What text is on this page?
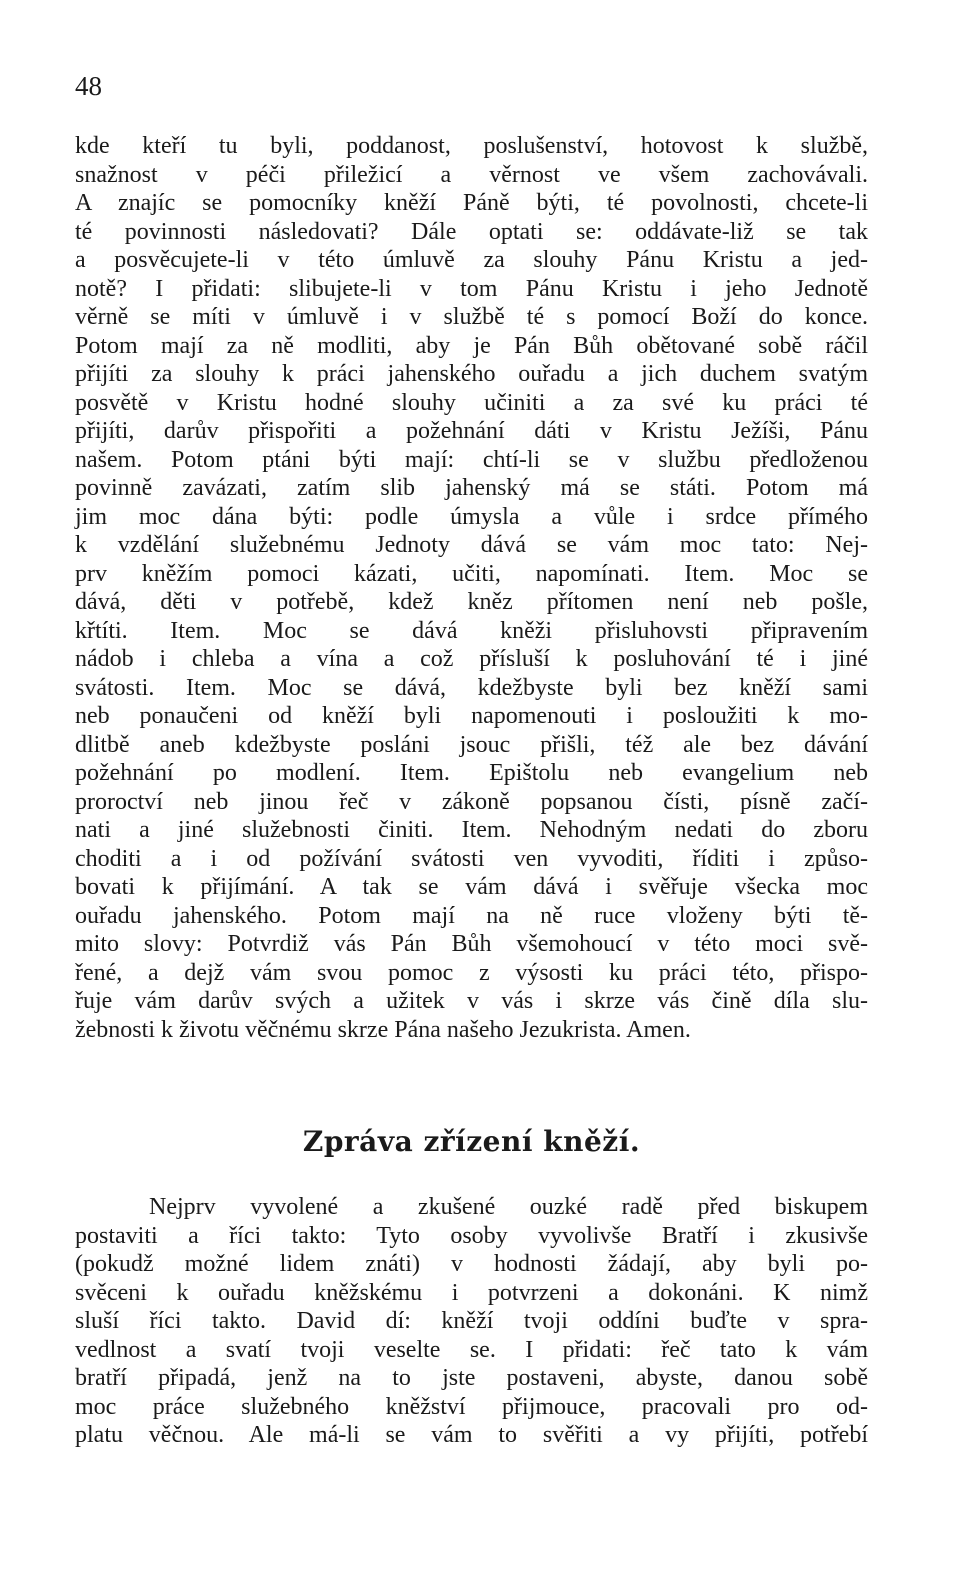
48
kde kteří tu byli, poddanost, poslušenství, hotovost k službě,
snažnost v péči přiležicí a věrnost ve všem zachovávali.
A znajíc se pomocníky kněží Páně býti, té povolnosti, chcete-li
té povinnosti následovati? Dále optati se: oddávate-liž se tak
a posvěcujete-li v této úmluvě za slouhy Pánu Kristu a jed-
notě? I přidati: slibujete-li v tom Pánu Kristu i jeho Jednotě
věrně se míti v úmluvě i v službě té s pomocí Boží do konce.
Potom mají za ně modliti, aby je Pán Bůh obětované sobě ráčil
přijíti za slouhy k práci jahenského ouřadu a jich duchem svatým
posvětě v Kristu hodné slouhy učiniti a za své ku práci té
přijíti, darův přispořiti a požehnání dáti v Kristu Ježíši, Pánu
našem. Potom ptáni býti mají: chtí-li se v službu předloženou
povinně zavázati, zatím slib jahenský má se státi. Potom má
jim moc dána býti: podle úmysla a vůle i srdce přímého
k vzdělání služebnému Jednoty dává se vám moc tato: Nej-
prv kněžím pomoci kázati, učiti, napomínati. Item. Moc se
dává, děti v potřebě, kdež kněz přítomen není neb pošle,
křtíti. Item. Moc se dává kněži přisluhovsti připravením
nádob i chleba a vína a což přísluší k posluhování té i jiné
svátosti. Item. Moc se dává, kdežbyste byli bez kněží sami
neb ponaučeni od kněží byli napomenouti i posloužiti k mo-
dlitbě aneb kdežbyste posláni jsouc přišli, též ale bez dávání
požehnání po modlení. Item. Epištolu neb evangelium neb
proroctví neb jinou řeč v zákoně popsanou čísti, písně začí-
nati a jiné služebnosti činiti. Item. Nehodným nedati do zboru
choditi a i od požívání svátosti ven vyvoditi, říditi i způso-
bovati k přijímání. A tak se vám dává i svěřuje všecka moc
ouřadu jahenského. Potom mají na ně ruce vloženy býti tě-
mito slovy: Potvrdiž vás Pán Bůh všemohoucí v této moci svě-
řené, a dejž vám svou pomoc z výsosti ku práci této, přispo-
řuje vám darův svých a užitek v vás i skrze vás čině díla slu-
žebnosti k životu věčnému skrze Pána našeho Jezukrista. Amen.
Zpráva zřízení kněží.
Nejprv vyvolené a zkušené ouzké radě před biskupem
postaviti a říci takto: Tyto osoby vyvolivše Bratří i zkusivše
(pokudž možné lidem znáti) v hodnosti žádají, aby byli po-
svěceni k ouřadu kněžskému i potvrzeni a dokonáni. K nimž
sluší říci takto. David dí: kněží tvoji oddíni buďte v spra-
vedlnost a svatí tvoji veselte se. I přidati: řeč tato k vám
bratří připadá, jenž na to jste postaveni, abyste, danou sobě
moc práce služebného kněžství přijmouce, pracovali pro od-
platu věčnou. Ale má-li se vám to svěřiti a vy přijíti, potřebí
